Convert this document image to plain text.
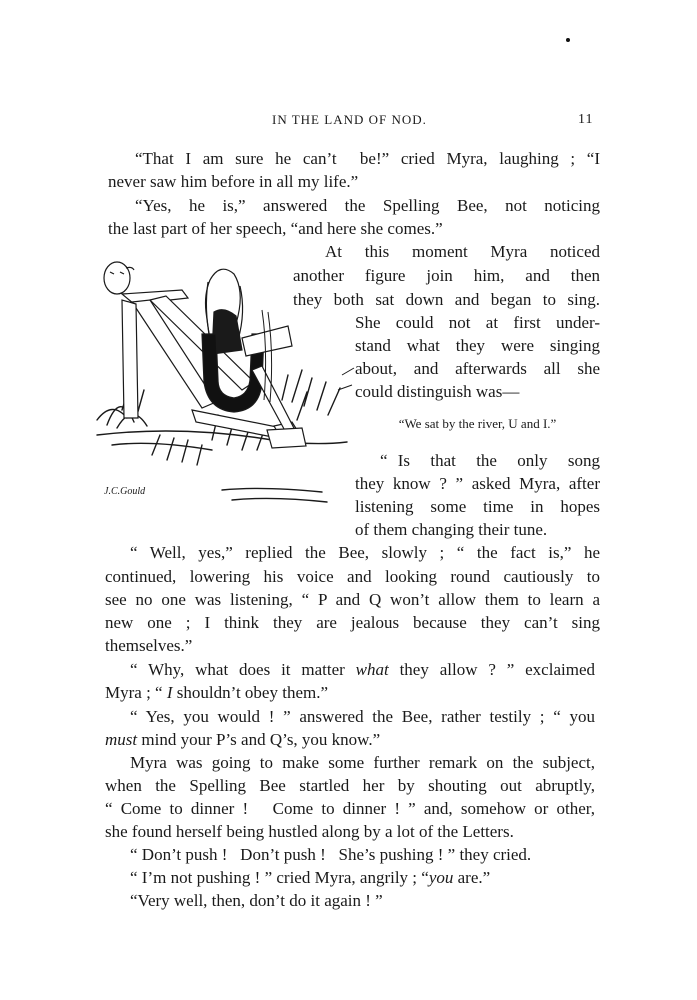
IN THE LAND OF NOD.	11
“That I am sure he can’t  be!” cried Myra, laughing ; “I
never saw him before in all my life.”
“Yes, he is,” answered the Spelling Bee, not noticing
the last part of her speech, “and here she comes.”
At  this  moment  Myra  noticed
another  figure  join  him,  and  then
they both sat down and began to sing.
She could not at first under-
stand what they were singing
about, and afterwards all she
could distinguish was—
“We sat by the river, U and I.”
“ Is  that  the  only  song
they know ? ” asked Myra, after
listening some time in hopes
of them changing their tune.
“ Well, yes,” replied the Bee, slowly ; “ the fact is,” he
continued, lowering his voice and looking round cautiously to
see no one was listening, “ P and Q won’t allow them to learn a
new one ; I think they are jealous because they can’t sing
themselves.”
“ Why, what does it matter what they allow ? ” exclaimed
Myra ; “ I shouldn’t obey them.”
“ Yes, you would ! ” answered the Bee, rather testily ; “ you
must mind your P’s and Q’s, you know.”
Myra was going to make some further remark on the subject,
when the Spelling Bee startled her by shouting out abruptly,
“ Come to dinner !   Come to dinner ! ” and, somehow or other,
she found herself being hustled along by a lot of the Letters.
“ Don’t push !   Don’t push !   She’s pushing ! ” they cried.
“ I’m not pushing ! ” cried Myra, angrily ; “you are.”
“Very well, then, don’t do it again ! ”
J.C.Gould
